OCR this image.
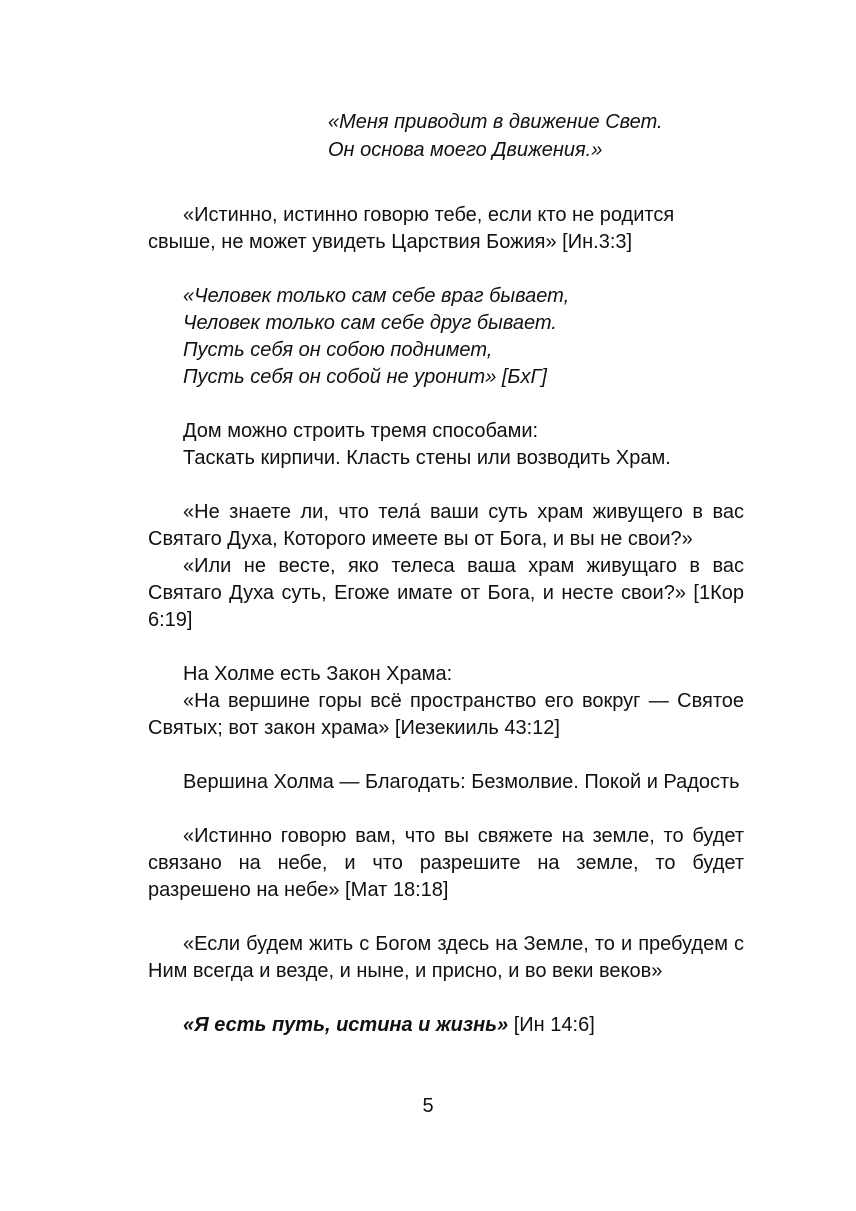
«Меня приводит в движение Свет.
Он основа моего Движения.»

«Истинно, истинно говорю тебе, если кто не родится свыше, не может увидеть Царствия Божия» [Ин.3:3]

«Человек только сам себе враг бывает,
Человек только сам себе друг бывает.
Пусть себя он собою поднимет,
Пусть себя он собой не уронит» [БхГ]
Дом можно строить тремя способами:
Таскать кирпичи. Класть стены или возводить Храм.

«Не знаете ли, что тела́ ваши суть храм живущего в вас Святаго Духа, Которого имеете вы от Бога, и вы не свои?»

«Или не весте, яко телеса ваша храм живущаго в вас Святаго Духа суть, Егоже имате от Бога, и несте свои?» [1Кор 6:19]

На Холме есть Закон Храма:

«На вершине горы всё пространство его вокруг — Святое Святых; вот закон храма» [Иезекииль 43:12]

Вершина Холма — Благодать: Безмолвие. Покой и Радость

«Истинно говорю вам, что вы свяжете на земле, то будет связано на небе, и что разрешите на земле, то будет разрешено на небе» [Мат 18:18]

«Если будем жить с Богом здесь на Земле, то и пребудем с Ним всегда и везде, и ныне, и присно, и во веки веков»

«Я есть путь, истина и жизнь» [Ин 14:6]

5
